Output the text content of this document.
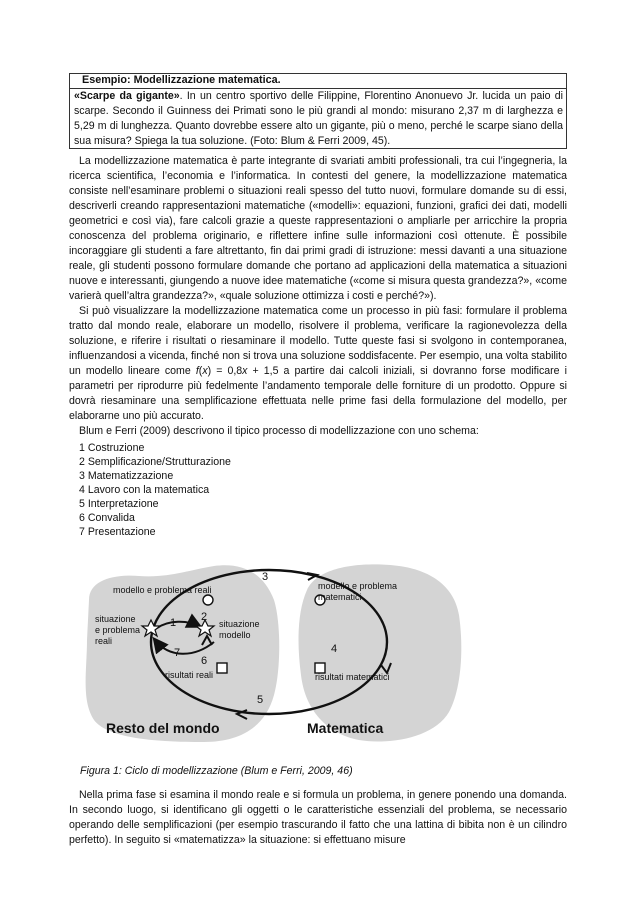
Esempio: Modellizzazione matematica.
«Scarpe da gigante». In un centro sportivo delle Filippine, Florentino Anonuevo Jr. lucida un paio di scarpe. Secondo il Guinness dei Primati sono le più grandi al mondo: misurano 2,37 m di larghezza e 5,29 m di lunghezza. Quanto dovrebbe essere alto un gigante, più o meno, perché le scarpe siano della sua misura? Spiega la tua soluzione. (Foto: Blum & Ferri 2009, 45).

La modellizzazione matematica è parte integrante di svariati ambiti professionali, tra cui l’ingegneria, la ricerca scientifica, l’economia e l’informatica. In contesti del genere, la modellizzazione matematica consiste nell’esaminare problemi o situazioni reali spesso del tutto nuovi, formulare domande su di essi, descriverli creando rappresentazioni matematiche («modelli»: equazioni, funzioni, grafici dei dati, modelli geometrici e così via), fare calcoli grazie a queste rappresentazioni o ampliarle per arricchire la propria conoscenza del problema originario, e riflettere infine sulle informazioni così ottenute. È possibile incoraggiare gli studenti a fare altrettanto, fin dai primi gradi di istruzione: messi davanti a una situazione reale, gli studenti possono formulare domande che portano ad applicazioni della matematica a situazioni nuove e interessanti, giungendo a nuove idee matematiche («come si misura questa grandezza?», «come varierà quell’altra grandezza?», «quale soluzione ottimizza i costi e perché?»).

Si può visualizzare la modellizzazione matematica come un processo in più fasi: formulare il problema tratto dal mondo reale, elaborare un modello, risolvere il problema, verificare la ragionevolezza della soluzione, e riferire i risultati o riesaminare il modello. Tutte queste fasi si svolgono in contemporanea, influenzandosi a vicenda, finché non si trova una soluzione soddisfacente. Per esempio, una volta stabilito un modello lineare come f(x) = 0,8x + 1,5 a partire dai calcoli iniziali, si dovranno forse modificare i parametri per riprodurre più fedelmente l’andamento temporale delle forniture di un prodotto. Oppure si dovrà riesaminare una semplificazione effettuata nelle prime fasi della formulazione del modello, per elaborarne uno più accurato.

Blum e Ferri (2009) descrivono il tipico processo di modellizzazione con uno schema:

1 Costruzione
2 Semplificazione/Strutturazione
3 Matematizzazione
4 Lavoro con la matematica
5 Interpretazione
6 Convalida
7 Presentazione
modello e problema reali	modello e problema
matematici
situazione
e problema
reali
situazione
modello
risultati reali	risultati matematici
1 2
3
4
5
6
7
Resto del mondo	Matematica
Figura 1: Ciclo di modellizzazione (Blum e Ferri, 2009, 46)

Nella prima fase si esamina il mondo reale e si formula un problema, in genere ponendo una domanda. In secondo luogo, si identificano gli oggetti o le caratteristiche essenziali del problema, se necessario operando delle semplificazioni (per esempio trascurando il fatto che una lattina di bibita non è un cilindro perfetto). In seguito si «matematizza» la situazione: si effettuano misure
